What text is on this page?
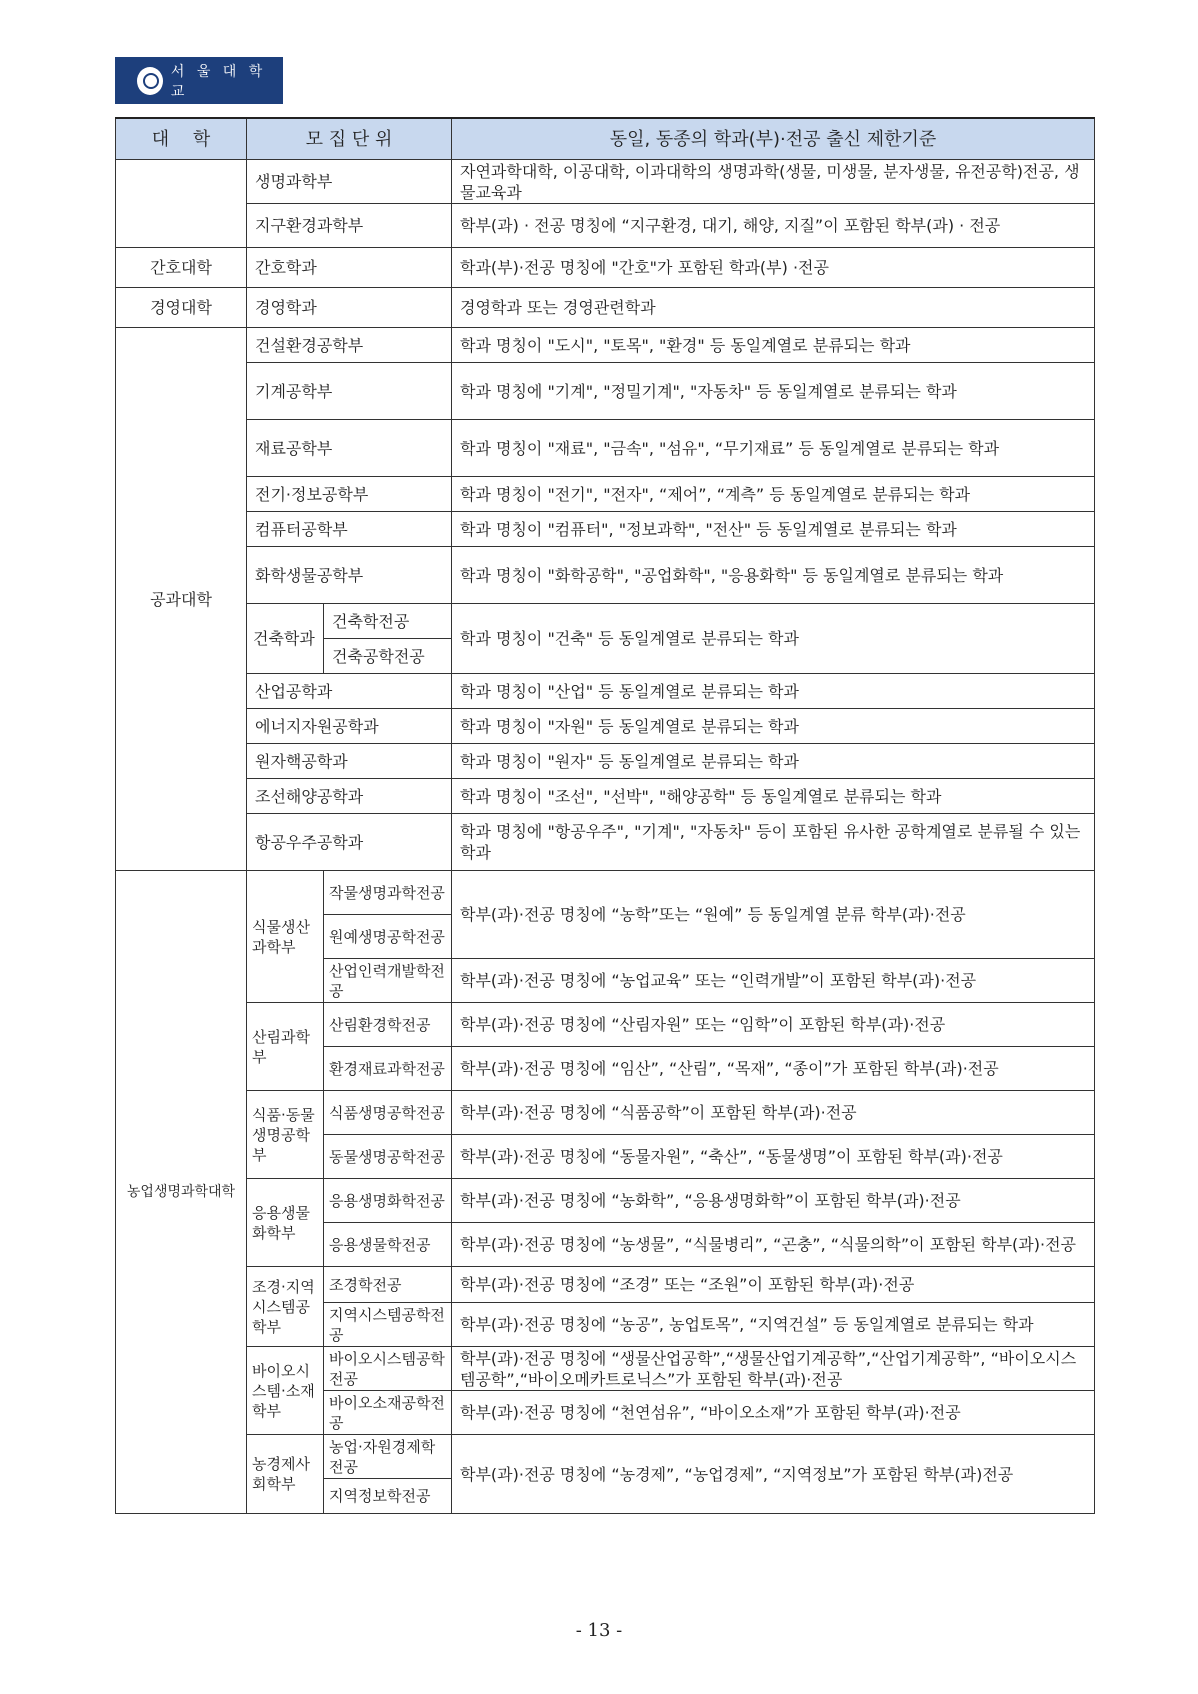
서 울 대 학 교
대　 학	모 집 단 위		동일, 동종의 학과(부)·전공 출신 제한기준
	생명과학부		자연과학대학, 이공대학, 이과대학의 생명과학(생물, 미생물, 분자생물, 유전공학)전공, 생물교육과
	지구환경과학부		학부(과) · 전공 명칭에 “지구환경, 대기, 해양, 지질”이 포함된 학부(과) · 전공
간호대학	간호학과		학과(부)·전공 명칭에 "간호"가 포함된 학과(부) ·전공
경영대학	경영학과		경영학과 또는 경영관련학과
공과대학	건설환경공학부		학과 명칭이 "도시", "토목", "환경" 등 동일계열로 분류되는 학과
	기계공학부		학과 명칭에 "기계", "정밀기계", "자동차" 등 동일계열로 분류되는 학과
	재료공학부		학과 명칭이 "재료", "금속", "섬유", “무기재료” 등 동일계열로 분류되는 학과
	전기·정보공학부		학과 명칭이 "전기", "전자", “제어”, “계측” 등 동일계열로 분류되는 학과
	컴퓨터공학부		학과 명칭이 "컴퓨터", "정보과학", "전산" 등 동일계열로 분류되는 학과
	화학생물공학부		학과 명칭이 "화학공학", "공업화학", "응용화학" 등 동일계열로 분류되는 학과
	건축학과	건축학전공	학과 명칭이 "건축" 등 동일계열로 분류되는 학과
		건축공학전공	
	산업공학과		학과 명칭이 "산업" 등 동일계열로 분류되는 학과
	에너지자원공학과		학과 명칭이 "자원" 등 동일계열로 분류되는 학과
	원자핵공학과		학과 명칭이 "원자" 등 동일계열로 분류되는 학과
	조선해양공학과		학과 명칭이 "조선", "선박", "해양공학" 등 동일계열로 분류되는 학과
	항공우주공학과		학과 명칭에 "항공우주", "기계", "자동차" 등이 포함된 유사한 공학계열로 분류될 수 있는 학과
농업생명과학대학	식물생산과학부	작물생명과학전공	학부(과)·전공 명칭에 “농학”또는 “원예” 등 동일계열 분류 학부(과)·전공
		원예생명공학전공	
		산업인력개발학전공	학부(과)·전공 명칭에 “농업교육” 또는 “인력개발”이 포함된 학부(과)·전공
	산림과학부	산림환경학전공	학부(과)·전공 명칭에 “산림자원” 또는 “임학”이 포함된 학부(과)·전공
		환경재료과학전공	학부(과)·전공 명칭에 “임산”, “산림”, “목재”, “종이”가 포함된 학부(과)·전공
	식품·동물생명공학부	식품생명공학전공	학부(과)·전공 명칭에 “식품공학”이 포함된 학부(과)·전공
		동물생명공학전공	학부(과)·전공 명칭에 “동물자원”, “축산”, “동물생명”이 포함된 학부(과)·전공
	응용생물화학부	응용생명화학전공	학부(과)·전공 명칭에 “농화학”, “응용생명화학”이 포함된 학부(과)·전공
		응용생물학전공	학부(과)·전공 명칭에 “농생물”, “식물병리”, “곤충”, “식물의학”이 포함된 학부(과)·전공
	조경·지역시스템공학부	조경학전공	학부(과)·전공 명칭에 “조경” 또는 “조원”이 포함된 학부(과)·전공
		지역시스템공학전공	학부(과)·전공 명칭에 “농공”, 농업토목”, “지역건설” 등 동일계열로 분류되는 학과
	바이오시스템·소재학부	바이오시스템공학전공	학부(과)·전공 명칭에 “생물산업공학”,“생물산업기계공학”,“산업기계공학”, “바이오시스템공학”,“바이오메카트로닉스”가 포함된 학부(과)·전공
		바이오소재공학전공	학부(과)·전공 명칭에 “천연섬유”, “바이오소재”가 포함된 학부(과)·전공
	농경제사회학부	농업·자원경제학전공	학부(과)·전공 명칭에 “농경제”, “농업경제”, “지역정보”가 포함된 학부(과)전공
		지역정보학전공	
- 13 -
